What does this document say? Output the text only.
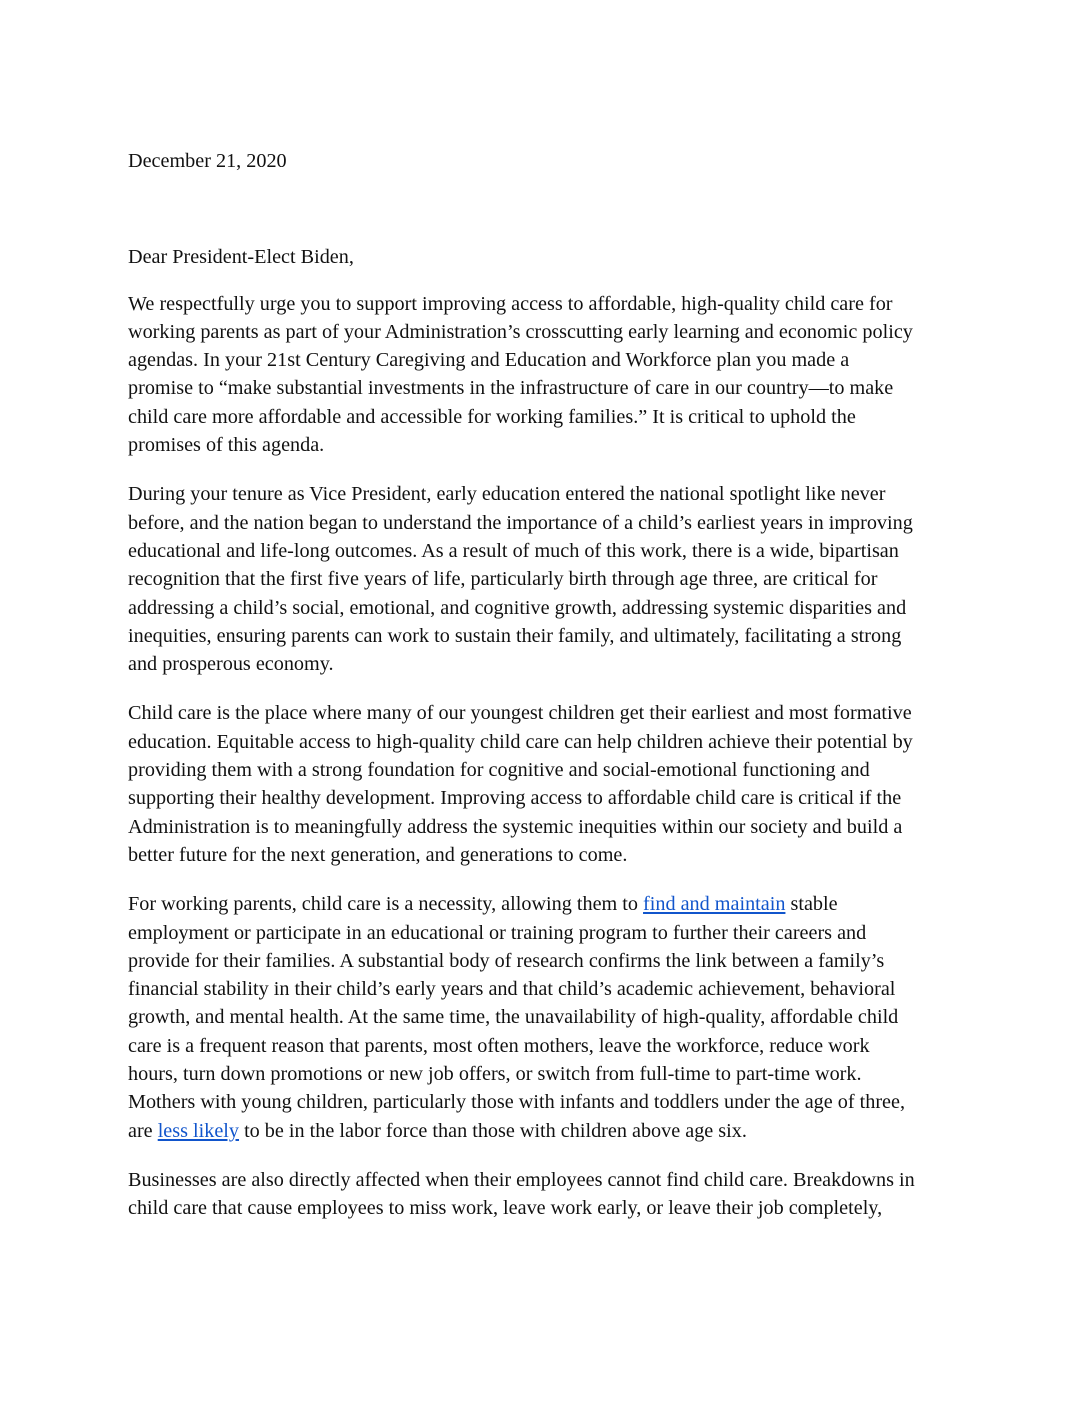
December 21, 2020

Dear President-Elect Biden,

We respectfully urge you to support improving access to affordable, high-quality child care for
working parents as part of your Administration’s crosscutting early learning and economic policy
agendas. In your 21st Century Caregiving and Education and Workforce plan you made a
promise to “make substantial investments in the infrastructure of care in our country—to make
child care more affordable and accessible for working families.” It is critical to uphold the
promises of this agenda.

During your tenure as Vice President, early education entered the national spotlight like never
before, and the nation began to understand the importance of a child’s earliest years in improving
educational and life-long outcomes. As a result of much of this work, there is a wide, bipartisan
recognition that the first five years of life, particularly birth through age three, are critical for
addressing a child’s social, emotional, and cognitive growth, addressing systemic disparities and
inequities, ensuring parents can work to sustain their family, and ultimately, facilitating a strong
and prosperous economy.

Child care is the place where many of our youngest children get their earliest and most formative
education. Equitable access to high-quality child care can help children achieve their potential by
providing them with a strong foundation for cognitive and social-emotional functioning and
supporting their healthy development. Improving access to affordable child care is critical if the
Administration is to meaningfully address the systemic inequities within our society and build a
better future for the next generation, and generations to come.

For working parents, child care is a necessity, allowing them to find and maintain stable
employment or participate in an educational or training program to further their careers and
provide for their families. A substantial body of research confirms the link between a family’s
financial stability in their child’s early years and that child’s academic achievement, behavioral
growth, and mental health. At the same time, the unavailability of high-quality, affordable child
care is a frequent reason that parents, most often mothers, leave the workforce, reduce work
hours, turn down promotions or new job offers, or switch from full-time to part-time work.
Mothers with young children, particularly those with infants and toddlers under the age of three,
are less likely to be in the labor force than those with children above age six.

Businesses are also directly affected when their employees cannot find child care. Breakdowns in
child care that cause employees to miss work, leave work early, or leave their job completely,
